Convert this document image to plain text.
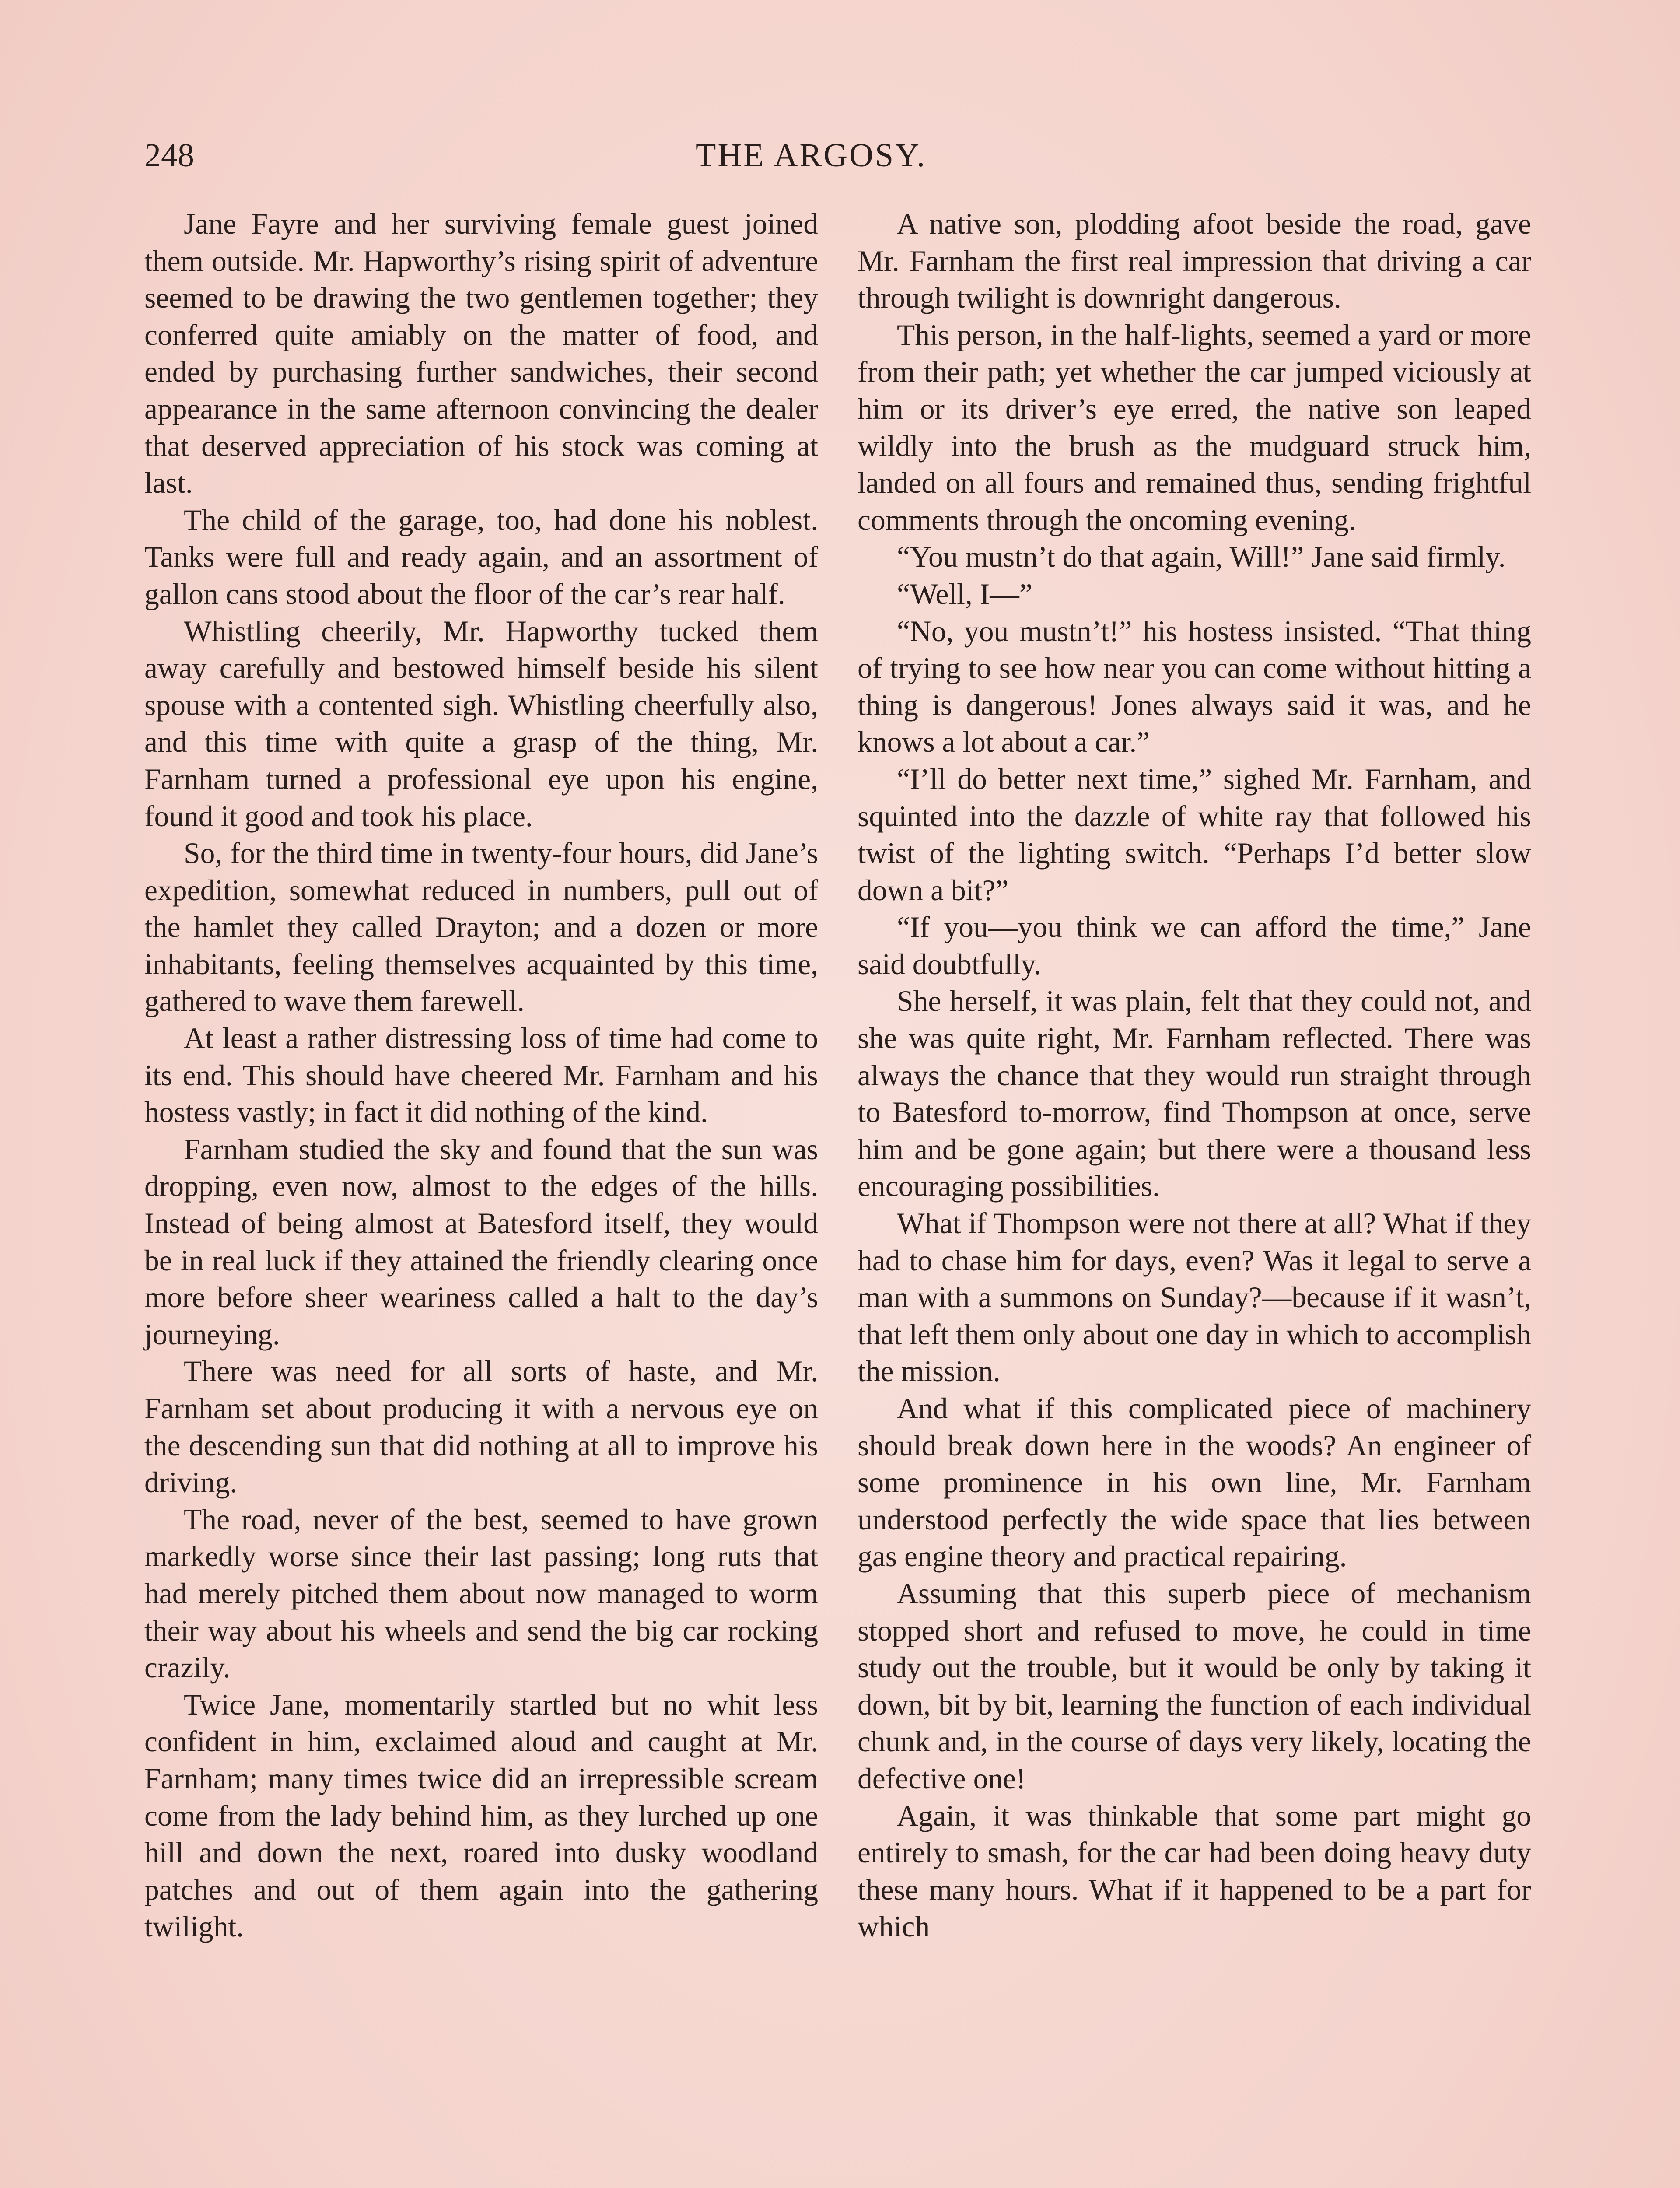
248	THE ARGOSY.

Jane Fayre and her surviving female guest joined them outside. Mr. Hapworthy’s rising spirit of adventure seemed to be drawing the two gentlemen together; they conferred quite amiably on the matter of food, and ended by purchasing further sandwiches, their second appearance in the same afternoon convincing the dealer that deserved appreciation of his stock was coming at last.

The child of the garage, too, had done his noblest. Tanks were full and ready again, and an assortment of gallon cans stood about the floor of the car’s rear half.

Whistling cheerily, Mr. Hapworthy tucked them away carefully and bestowed himself beside his silent spouse with a contented sigh. Whistling cheerfully also, and this time with quite a grasp of the thing, Mr. Farnham turned a professional eye upon his engine, found it good and took his place.

So, for the third time in twenty-four hours, did Jane’s expedition, somewhat reduced in numbers, pull out of the hamlet they called Drayton; and a dozen or more inhabitants, feeling themselves acquainted by this time, gathered to wave them farewell.

At least a rather distressing loss of time had come to its end. This should have cheered Mr. Farnham and his hostess vastly; in fact it did nothing of the kind.

Farnham studied the sky and found that the sun was dropping, even now, almost to the edges of the hills. Instead of being almost at Batesford itself, they would be in real luck if they attained the friendly clearing once more before sheer weariness called a halt to the day’s journeying.

There was need for all sorts of haste, and Mr. Farnham set about producing it with a nervous eye on the descending sun that did nothing at all to improve his driving.

The road, never of the best, seemed to have grown markedly worse since their last passing; long ruts that had merely pitched them about now managed to worm their way about his wheels and send the big car rocking crazily.

Twice Jane, momentarily startled but no whit less confident in him, exclaimed aloud and caught at Mr. Farnham; many times twice did an irrepressible scream come from the lady behind him, as they lurched up one hill and down the next, roared into dusky woodland patches and out of them again into the gathering twilight.

A native son, plodding afoot beside the road, gave Mr. Farnham the first real impression that driving a car through twilight is downright dangerous.

This person, in the half-lights, seemed a yard or more from their path; yet whether the car jumped viciously at him or its driver’s eye erred, the native son leaped wildly into the brush as the mudguard struck him, landed on all fours and remained thus, sending frightful comments through the oncoming evening.

“You mustn’t do that again, Will!” Jane said firmly.

“Well, I—”

“No, you mustn’t!” his hostess insisted. “That thing of trying to see how near you can come without hitting a thing is dangerous! Jones always said it was, and he knows a lot about a car.”

“I’ll do better next time,” sighed Mr. Farnham, and squinted into the dazzle of white ray that followed his twist of the lighting switch. “Perhaps I’d better slow down a bit?”

“If you—you think we can afford the time,” Jane said doubtfully.

She herself, it was plain, felt that they could not, and she was quite right, Mr. Farnham reflected. There was always the chance that they would run straight through to Batesford to-morrow, find Thompson at once, serve him and be gone again; but there were a thousand less encouraging possibilities.

What if Thompson were not there at all? What if they had to chase him for days, even? Was it legal to serve a man with a summons on Sunday?—because if it wasn’t, that left them only about one day in which to accomplish the mission.

And what if this complicated piece of machinery should break down here in the woods? An engineer of some prominence in his own line, Mr. Farnham understood perfectly the wide space that lies between gas engine theory and practical repairing.

Assuming that this superb piece of mechanism stopped short and refused to move, he could in time study out the trouble, but it would be only by taking it down, bit by bit, learning the function of each individual chunk and, in the course of days very likely, locating the defective one!

Again, it was thinkable that some part might go entirely to smash, for the car had been doing heavy duty these many hours. What if it happened to be a part for which
